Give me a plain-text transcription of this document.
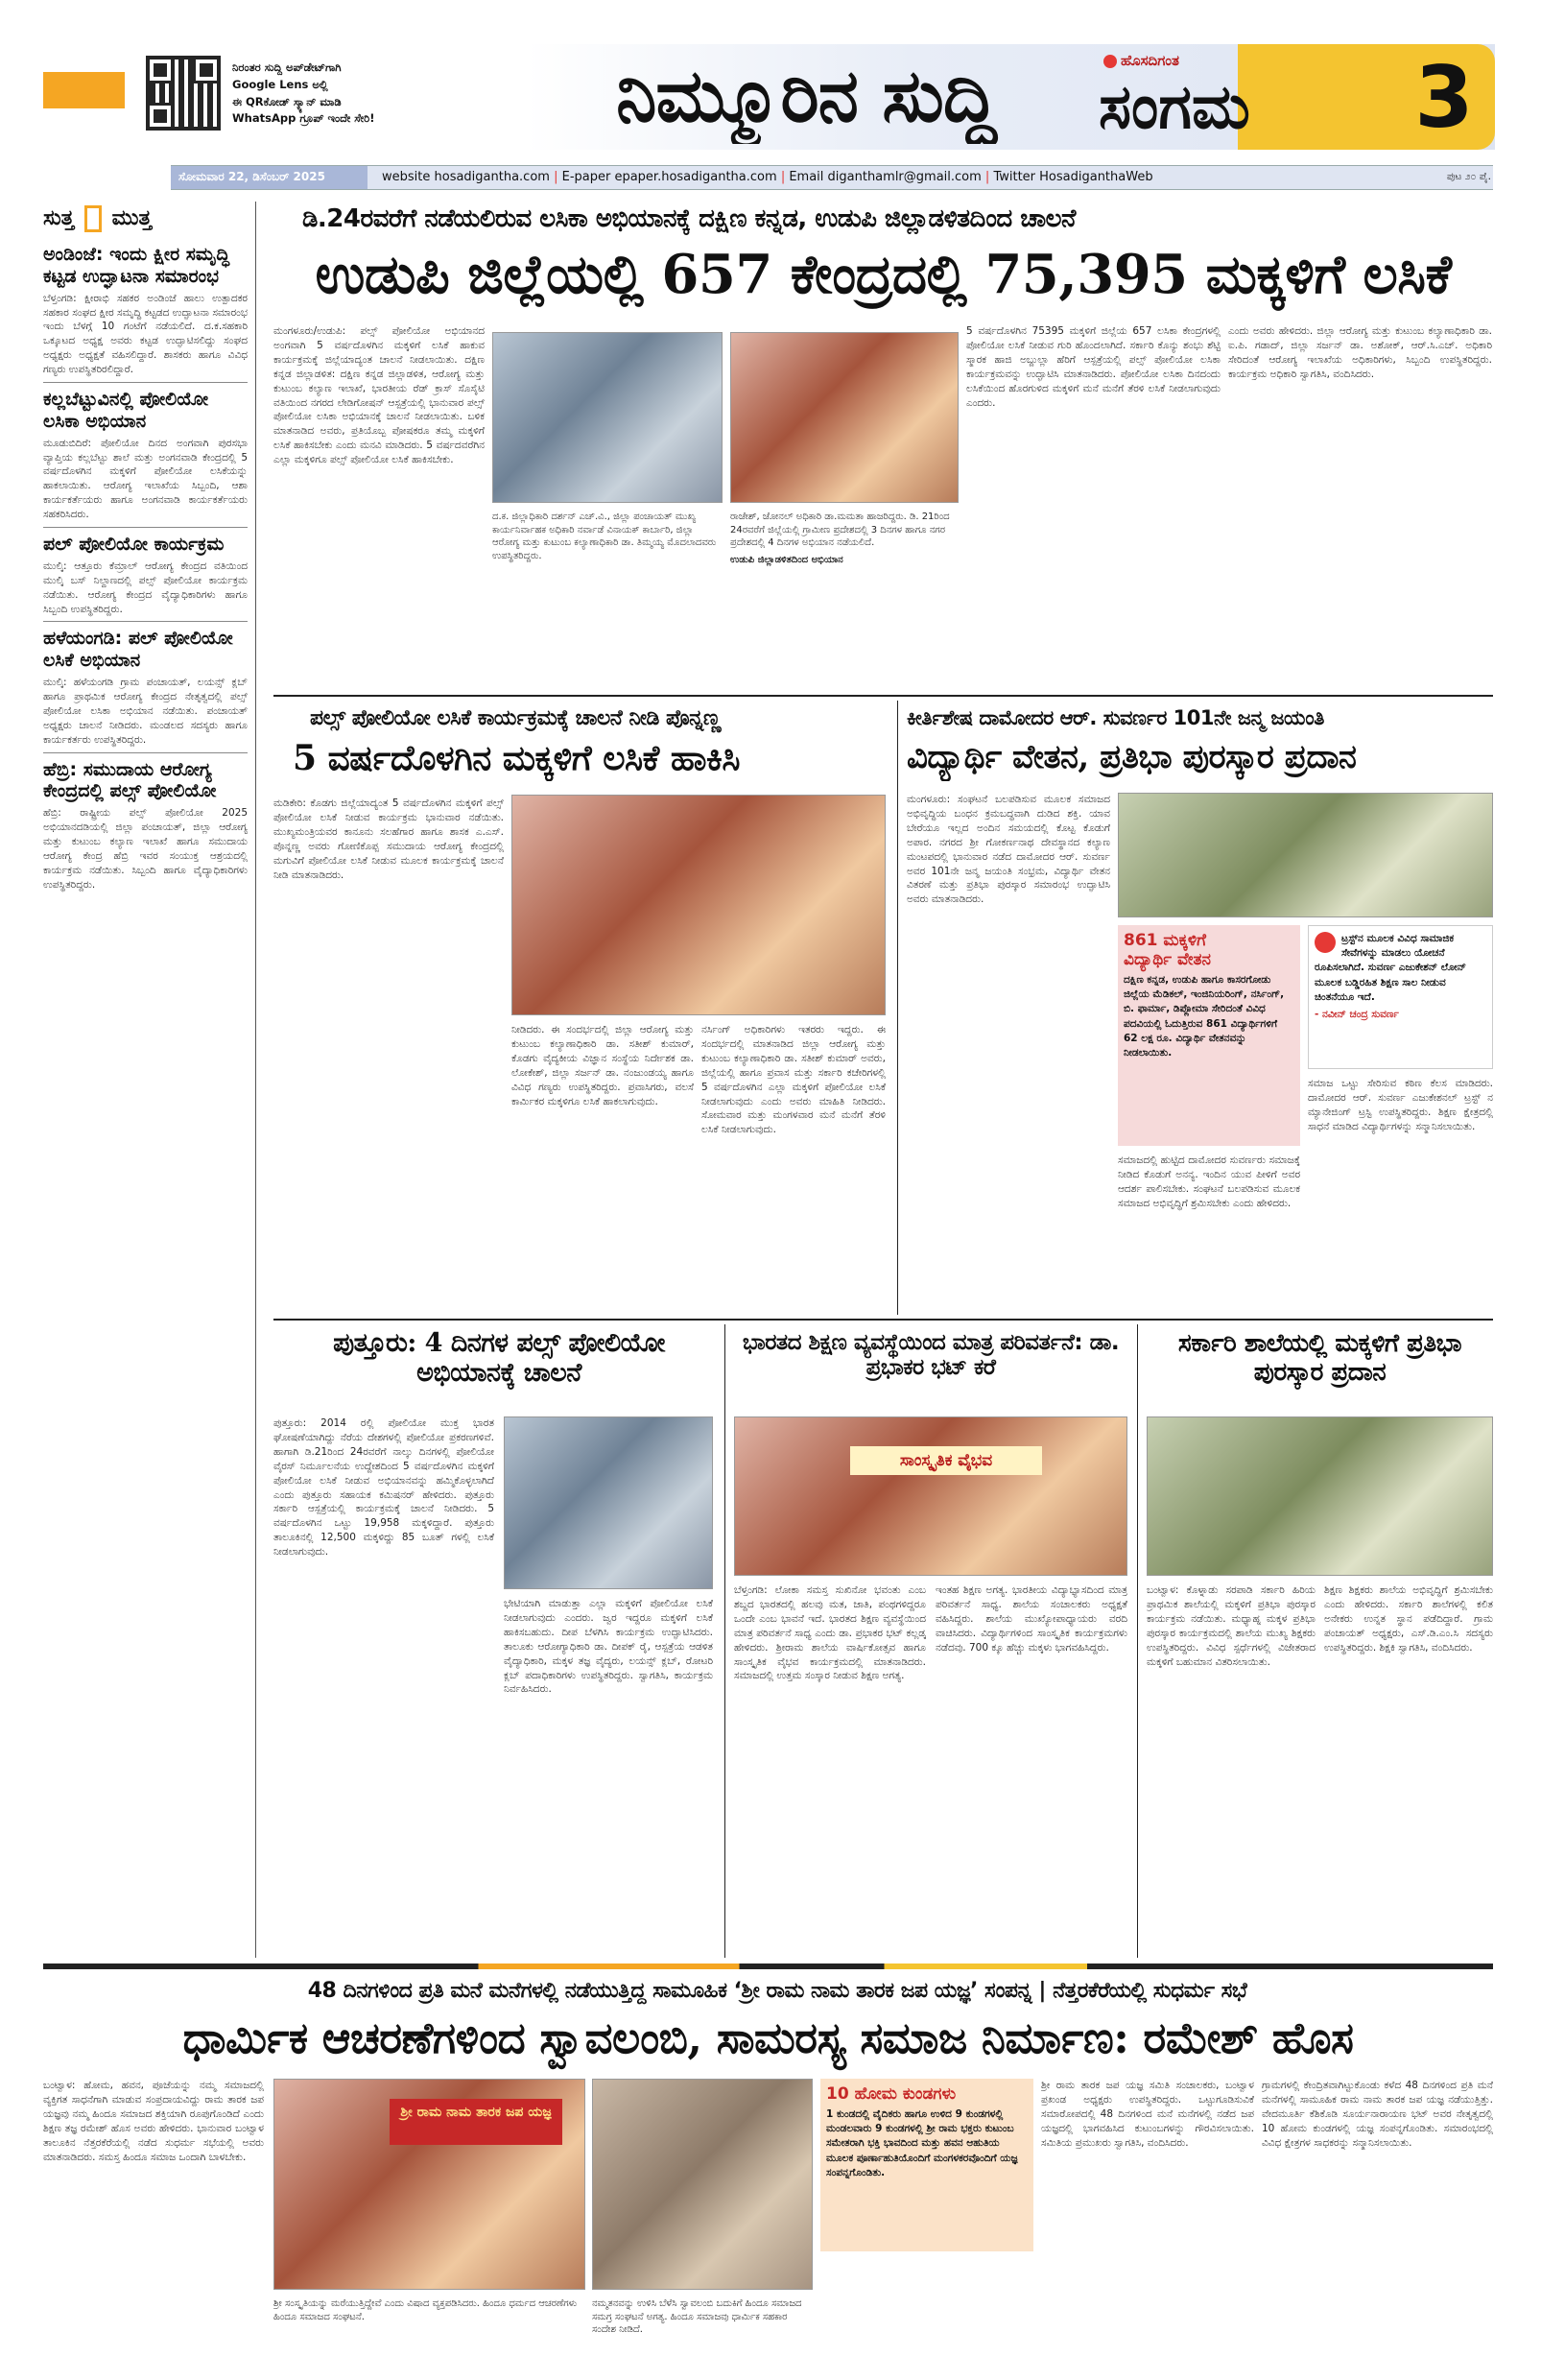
ನಿರಂತರ ಸುದ್ದಿ ಅಪ್‌ಡೇಟ್‌ಗಾಗಿ
Google Lens ಅಲ್ಲಿ
ಈ QRಕೋಡ್ ಸ್ಕ್ಯಾನ್ ಮಾಡಿ
WhatsApp ಗ್ರೂಪ್ ಇಂದೇ ಸೇರಿ!	ನಿಮ್ಮೂರಿನ ಸುದ್ದಿ	ಹೊಸದಿಗಂತ
ಸಂಗಮ	3
ಸೋಮವಾರ 22, ಡಿಸೆಂಬರ್ 2025	website hosadigantha.com | E-paper epaper.hosadigantha.com | Email diganthamlr@gmail.com | Twitter HosadiganthaWeb	ಪುಟ ೨೦ ಪೈ.
ಸುತ್ತ ಮುತ್ತ
ಅಂಡಿಂಜೆ: ಇಂದು ಕ್ಷೀರ ಸಮೃದ್ಧಿ ಕಟ್ಟಡ ಉದ್ಘಾಟನಾ ಸಮಾರಂಭ

ಬೆಳ್ತಂಗಡಿ: ಕ್ಷೀರಾಭಿ ಸಹಕರ ಅಂಡಿಂಜೆ ಹಾಲು ಉತ್ಪಾದಕರ ಸಹಕಾರ ಸಂಘದ ಕ್ಷೀರ ಸಮೃದ್ಧಿ ಕಟ್ಟಡದ ಉದ್ಘಾಟನಾ ಸಮಾರಂಭ ಇಂದು ಬೆಳಗ್ಗೆ 10 ಗಂಟೆಗೆ ನಡೆಯಲಿದೆ. ದ.ಕ.ಸಹಕಾರಿ ಒಕ್ಕೂಟದ ಅಧ್ಯಕ್ಷ ಅವರು ಕಟ್ಟಡ ಉದ್ಘಾಟಿಸಲಿದ್ದು ಸಂಘದ ಅಧ್ಯಕ್ಷರು ಅಧ್ಯಕ್ಷತೆ ವಹಿಸಲಿದ್ದಾರೆ. ಶಾಸಕರು ಹಾಗೂ ವಿವಿಧ ಗಣ್ಯರು ಉಪಸ್ಥಿತರಿರಲಿದ್ದಾರೆ.

ಕಲ್ಲಬೆಟ್ಟುವಿನಲ್ಲಿ ಪೋಲಿಯೋ ಲಸಿಕಾ ಅಭಿಯಾನ

ಮೂಡುಬಿದಿರೆ: ಪೋಲಿಯೋ ದಿನದ ಅಂಗವಾಗಿ ಪುರಸಭಾ ವ್ಯಾಪ್ತಿಯ ಕಲ್ಲಬೆಟ್ಟು ಶಾಲೆ ಮತ್ತು ಅಂಗನವಾಡಿ ಕೇಂದ್ರದಲ್ಲಿ 5 ವರ್ಷದೊಳಗಿನ ಮಕ್ಕಳಿಗೆ ಪೋಲಿಯೋ ಲಸಿಕೆಯನ್ನು ಹಾಕಲಾಯಿತು. ಆರೋಗ್ಯ ಇಲಾಖೆಯ ಸಿಬ್ಬಂದಿ, ಆಶಾ ಕಾರ್ಯಕರ್ತೆಯರು ಹಾಗೂ ಅಂಗನವಾಡಿ ಕಾರ್ಯಕರ್ತೆಯರು ಸಹಕರಿಸಿದರು.

ಪಲ್ ಪೋಲಿಯೋ ಕಾರ್ಯಕ್ರಮ

ಮುಲ್ಕಿ: ಆತ್ತೂರು ಕೆಮ್ರಾಲ್ ಆರೋಗ್ಯ ಕೇಂದ್ರದ ವತಿಯಿಂದ ಮುಲ್ಕಿ ಬಸ್ ನಿಲ್ದಾಣದಲ್ಲಿ ಪಲ್ಸ್ ಪೋಲಿಯೋ ಕಾರ್ಯಕ್ರಮ ನಡೆಯಿತು. ಆರೋಗ್ಯ ಕೇಂದ್ರದ ವೈದ್ಯಾಧಿಕಾರಿಗಳು ಹಾಗೂ ಸಿಬ್ಬಂದಿ ಉಪಸ್ಥಿತರಿದ್ದರು.

ಹಳೆಯಂಗಡಿ: ಪಲ್ ಪೋಲಿಯೋ ಲಸಿಕೆ ಅಭಿಯಾನ

ಮುಲ್ಕಿ: ಹಳೆಯಂಗಡಿ ಗ್ರಾಮ ಪಂಚಾಯತ್, ಲಯನ್ಸ್ ಕ್ಲಬ್ ಹಾಗೂ ಪ್ರಾಥಮಿಕ ಆರೋಗ್ಯ ಕೇಂದ್ರದ ನೇತೃತ್ವದಲ್ಲಿ ಪಲ್ಸ್ ಪೋಲಿಯೋ ಲಸಿಕಾ ಅಭಿಯಾನ ನಡೆಯಿತು. ಪಂಚಾಯತ್ ಅಧ್ಯಕ್ಷರು ಚಾಲನೆ ನೀಡಿದರು. ಮಂಡಲದ ಸದಸ್ಯರು ಹಾಗೂ ಕಾರ್ಯಕರ್ತರು ಉಪಸ್ಥಿತರಿದ್ದರು.

ಹೆಬ್ರಿ: ಸಮುದಾಯ ಆರೋಗ್ಯ ಕೇಂದ್ರದಲ್ಲಿ ಪಲ್ಸ್ ಪೋಲಿಯೋ

ಹೆಬ್ರಿ: ರಾಷ್ಟ್ರೀಯ ಪಲ್ಸ್ ಪೋಲಿಯೋ 2025 ಅಭಿಯಾನದಡಿಯಲ್ಲಿ ಜಿಲ್ಲಾ ಪಂಚಾಯತ್, ಜಿಲ್ಲಾ ಆರೋಗ್ಯ ಮತ್ತು ಕುಟುಂಬ ಕಲ್ಯಾಣ ಇಲಾಖೆ ಹಾಗೂ ಸಮುದಾಯ ಆರೋಗ್ಯ ಕೇಂದ್ರ ಹೆಬ್ರಿ ಇವರ ಸಂಯುಕ್ತ ಆಶ್ರಯದಲ್ಲಿ ಕಾರ್ಯಕ್ರಮ ನಡೆಯಿತು. ಸಿಬ್ಬಂದಿ ಹಾಗೂ ವೈದ್ಯಾಧಿಕಾರಿಗಳು ಉಪಸ್ಥಿತರಿದ್ದರು.

ಡಿ.24ರವರೆಗೆ ನಡೆಯಲಿರುವ ಲಸಿಕಾ ಅಭಿಯಾನಕ್ಕೆ ದಕ್ಷಿಣ ಕನ್ನಡ, ಉಡುಪಿ ಜಿಲ್ಲಾಡಳಿತದಿಂದ ಚಾಲನೆ
ಉಡುಪಿ ಜಿಲ್ಲೆಯಲ್ಲಿ 657 ಕೇಂದ್ರದಲ್ಲಿ 75,395 ಮಕ್ಕಳಿಗೆ ಲಸಿಕೆ

ಮಂಗಳೂರು/ಉಡುಪಿ: ಪಲ್ಸ್ ಪೋಲಿಯೋ ಅಭಿಯಾನದ ಅಂಗವಾಗಿ 5 ವರ್ಷದೊಳಗಿನ ಮಕ್ಕಳಿಗೆ ಲಸಿಕೆ ಹಾಕುವ ಕಾರ್ಯಕ್ರಮಕ್ಕೆ ಜಿಲ್ಲೆಯಾದ್ಯಂತ ಚಾಲನೆ ನೀಡಲಾಯಿತು. ದಕ್ಷಿಣ ಕನ್ನಡ ಜಿಲ್ಲಾಡಳಿತ: ದಕ್ಷಿಣ ಕನ್ನಡ ಜಿಲ್ಲಾಡಳಿತ, ಆರೋಗ್ಯ ಮತ್ತು ಕುಟುಂಬ ಕಲ್ಯಾಣ ಇಲಾಖೆ, ಭಾರತೀಯ ರೆಡ್ ಕ್ರಾಸ್ ಸೊಸೈಟಿ ವತಿಯಿಂದ ನಗರದ ಲೇಡಿಗೋಷನ್ ಆಸ್ಪತ್ರೆಯಲ್ಲಿ ಭಾನುವಾರ ಪಲ್ಸ್ ಪೋಲಿಯೋ ಲಸಿಕಾ ಅಭಿಯಾನಕ್ಕೆ ಚಾಲನೆ ನೀಡಲಾಯಿತು. ಬಳಿಕ ಮಾತನಾಡಿದ ಅವರು, ಪ್ರತಿಯೊಬ್ಬ ಪೋಷಕರೂ ತಮ್ಮ ಮಕ್ಕಳಿಗೆ ಲಸಿಕೆ ಹಾಕಿಸಬೇಕು ಎಂದು ಮನವಿ ಮಾಡಿದರು. 5 ವರ್ಷದವರೆಗಿನ ಎಲ್ಲಾ ಮಕ್ಕಳಿಗೂ ಪಲ್ಸ್ ಪೋಲಿಯೋ ಲಸಿಕೆ ಹಾಕಿಸಬೇಕು.

ದ.ಕ. ಜಿಲ್ಲಾಧಿಕಾರಿ ದರ್ಶನ್ ಎಚ್.ವಿ., ಜಿಲ್ಲಾ ಪಂಚಾಯತ್ ಮುಖ್ಯ ಕಾರ್ಯನಿರ್ವಾಹಕ ಅಧಿಕಾರಿ ನರ್ವಾಡೆ ವಿನಾಯಕ್ ಕಾರ್ಬಾರಿ, ಜಿಲ್ಲಾ ಆರೋಗ್ಯ ಮತ್ತು ಕುಟುಂಬ ಕಲ್ಯಾಣಾಧಿಕಾರಿ ಡಾ. ತಿಮ್ಮಯ್ಯ ಮೊದಲಾದವರು ಉಪಸ್ಥಿತರಿದ್ದರು.

ರಾಜೇಶ್, ಜೋನಲ್ ಅಧಿಕಾರಿ ಡಾ.ಮಮತಾ ಹಾಜರಿದ್ದರು. ಡಿ. 21ರಿಂದ 24ರವರೆಗೆ ಜಿಲ್ಲೆಯಲ್ಲಿ ಗ್ರಾಮೀಣ ಪ್ರದೇಶದಲ್ಲಿ 3 ದಿನಗಳ ಹಾಗೂ ನಗರ ಪ್ರದೇಶದಲ್ಲಿ 4 ದಿನಗಳ ಅಭಿಯಾನ ನಡೆಯಲಿದೆ.

ಉಡುಪಿ ಜಿಲ್ಲಾಡಳಿತದಿಂದ ಅಭಿಯಾನ

5 ವರ್ಷದೊಳಗಿನ 75395 ಮಕ್ಕಳಿಗೆ ಜಿಲ್ಲೆಯ 657 ಲಸಿಕಾ ಕೇಂದ್ರಗಳಲ್ಲಿ ಪೋಲಿಯೋ ಲಸಿಕೆ ನೀಡುವ ಗುರಿ ಹೊಂದಲಾಗಿದೆ. ಸರ್ಕಾರಿ ಕೊನ್ಯು ಶಂಭು ಶೆಟ್ಟಿ ಸ್ಮಾರಕ ಹಾಜಿ ಅಬ್ದುಲ್ಲಾ ಹೆರಿಗೆ ಆಸ್ಪತ್ರೆಯಲ್ಲಿ ಪಲ್ಸ್ ಪೋಲಿಯೋ ಲಸಿಕಾ ಕಾರ್ಯಕ್ರಮವನ್ನು ಉದ್ಘಾಟಿಸಿ ಮಾತನಾಡಿದರು. ಪೋಲಿಯೋ ಲಸಿಕಾ ದಿನದಂದು ಲಸಿಕೆಯಿಂದ ಹೊರಗುಳಿದ ಮಕ್ಕಳಿಗೆ ಮನೆ ಮನೆಗೆ ತೆರಳಿ ಲಸಿಕೆ ನೀಡಲಾಗುವುದು ಎಂದರು.

ಎಂದು ಅವರು ಹೇಳಿದರು. ಜಿಲ್ಲಾ ಆರೋಗ್ಯ ಮತ್ತು ಕುಟುಂಬ ಕಲ್ಯಾಣಾಧಿಕಾರಿ ಡಾ. ಐ.ಪಿ. ಗಡಾದ್, ಜಿಲ್ಲಾ ಸರ್ಜನ್ ಡಾ. ಅಶೋಕ್, ಆರ್.ಸಿ.ಎಚ್. ಅಧಿಕಾರಿ ಸೇರಿದಂತೆ ಆರೋಗ್ಯ ಇಲಾಖೆಯ ಅಧಿಕಾರಿಗಳು, ಸಿಬ್ಬಂದಿ ಉಪಸ್ಥಿತರಿದ್ದರು. ಕಾರ್ಯಕ್ರಮ ಅಧಿಕಾರಿ ಸ್ವಾಗತಿಸಿ, ವಂದಿಸಿದರು.

ಪಲ್ಸ್ ಪೋಲಿಯೋ ಲಸಿಕೆ ಕಾರ್ಯಕ್ರಮಕ್ಕೆ ಚಾಲನೆ ನೀಡಿ ಪೊನ್ನಣ್ಣ
5 ವರ್ಷದೊಳಗಿನ ಮಕ್ಕಳಿಗೆ ಲಸಿಕೆ ಹಾಕಿಸಿ

ಮಡಿಕೇರಿ: ಕೊಡಗು ಜಿಲ್ಲೆಯಾದ್ಯಂತ 5 ವರ್ಷದೊಳಗಿನ ಮಕ್ಕಳಿಗೆ ಪಲ್ಸ್ ಪೋಲಿಯೋ ಲಸಿಕೆ ನೀಡುವ ಕಾರ್ಯಕ್ರಮ ಭಾನುವಾರ ನಡೆಯಿತು. ಮುಖ್ಯಮಂತ್ರಿಯವರ ಕಾನೂನು ಸಲಹೆಗಾರ ಹಾಗೂ ಶಾಸಕ ಎ.ಎಸ್. ಪೊನ್ನಣ್ಣ ಅವರು ಗೋಣಿಕೊಪ್ಪ ಸಮುದಾಯ ಆರೋಗ್ಯ ಕೇಂದ್ರದಲ್ಲಿ ಮಗುವಿಗೆ ಪೋಲಿಯೋ ಲಸಿಕೆ ನೀಡುವ ಮೂಲಕ ಕಾರ್ಯಕ್ರಮಕ್ಕೆ ಚಾಲನೆ ನೀಡಿ ಮಾತನಾಡಿದರು.

ನೀಡಿದರು. ಈ ಸಂದರ್ಭದಲ್ಲಿ ಜಿಲ್ಲಾ ಆರೋಗ್ಯ ಮತ್ತು ಕುಟುಂಬ ಕಲ್ಯಾಣಾಧಿಕಾರಿ ಡಾ. ಸತೀಶ್ ಕುಮಾರ್, ಕೊಡಗು ವೈದ್ಯಕೀಯ ವಿಜ್ಞಾನ ಸಂಸ್ಥೆಯ ನಿರ್ದೇಶಕ ಡಾ. ಲೋಕೇಶ್, ಜಿಲ್ಲಾ ಸರ್ಜನ್ ಡಾ. ನಂಜುಂಡಯ್ಯ ಹಾಗೂ ವಿವಿಧ ಗಣ್ಯರು ಉಪಸ್ಥಿತರಿದ್ದರು. ಪ್ರವಾಸಿಗರು, ವಲಸೆ ಕಾರ್ಮಿಕರ ಮಕ್ಕಳಿಗೂ ಲಸಿಕೆ ಹಾಕಲಾಗುವುದು.

ನರ್ಸಿಂಗ್ ಅಧಿಕಾರಿಗಳು ಇತರರು ಇದ್ದರು. ಈ ಸಂದರ್ಭದಲ್ಲಿ ಮಾತನಾಡಿದ ಜಿಲ್ಲಾ ಆರೋಗ್ಯ ಮತ್ತು ಕುಟುಂಬ ಕಲ್ಯಾಣಾಧಿಕಾರಿ ಡಾ. ಸತೀಶ್ ಕುಮಾರ್ ಅವರು, ಜಿಲ್ಲೆಯಲ್ಲಿ ಹಾಗೂ ಪ್ರವಾಸ ಮತ್ತು ಸರ್ಕಾರಿ ಕಚೇರಿಗಳಲ್ಲಿ 5 ವರ್ಷದೊಳಗಿನ ಎಲ್ಲಾ ಮಕ್ಕಳಿಗೆ ಪೋಲಿಯೋ ಲಸಿಕೆ ನೀಡಲಾಗುವುದು ಎಂದು ಅವರು ಮಾಹಿತಿ ನೀಡಿದರು. ಸೋಮವಾರ ಮತ್ತು ಮಂಗಳವಾರ ಮನೆ ಮನೆಗೆ ತೆರಳಿ ಲಸಿಕೆ ನೀಡಲಾಗುವುದು.

ಕೀರ್ತಿಶೇಷ ದಾಮೋದರ ಆರ್. ಸುವರ್ಣರ 101ನೇ ಜನ್ಮ ಜಯಂತಿ
ವಿದ್ಯಾರ್ಥಿ ವೇತನ, ಪ್ರತಿಭಾ ಪುರಸ್ಕಾರ ಪ್ರದಾನ

ಮಂಗಳೂರು: ಸಂಘಟನೆ ಬಲಪಡಿಸುವ ಮೂಲಕ ಸಮಾಜದ ಅಭಿವೃದ್ಧಿಯ ಬಂಧನ ಕ್ರಮಬದ್ಧವಾಗಿ ದುಡಿದ ಶಕ್ತಿ. ಯಾವ ಬೇರೆಯೂ ಇಲ್ಲದ ಅಂದಿನ ಸಮಯದಲ್ಲಿ ಕೊಟ್ಟ ಕೊಡುಗೆ ಅಪಾರ. ನಗರದ ಶ್ರೀ ಗೋಕರ್ಣನಾಥ ದೇವಸ್ಥಾನದ ಕಲ್ಯಾಣ ಮಂಟಪದಲ್ಲಿ ಭಾನುವಾರ ನಡೆದ ದಾಮೋದರ ಆರ್. ಸುವರ್ಣ ಅವರ 101ನೇ ಜನ್ಮ ಜಯಂತಿ ಸಂಭ್ರಮ, ವಿದ್ಯಾರ್ಥಿ ವೇತನ ವಿತರಣೆ ಮತ್ತು ಪ್ರತಿಭಾ ಪುರಸ್ಕಾರ ಸಮಾರಂಭ ಉದ್ಘಾಟಿಸಿ ಅವರು ಮಾತನಾಡಿದರು.

861 ಮಕ್ಕಳಿಗೆ
ವಿದ್ಯಾರ್ಥಿ ವೇತನ
ದಕ್ಷಿಣ ಕನ್ನಡ, ಉಡುಪಿ ಹಾಗೂ ಕಾಸರಗೋಡು ಜಿಲ್ಲೆಯ ಮೆಡಿಕಲ್, ಇಂಜಿನಿಯರಿಂಗ್, ನರ್ಸಿಂಗ್, ಬಿ. ಫಾರ್ಮಾ, ಡಿಪ್ಲೋಮಾ ಸೇರಿದಂತೆ ವಿವಿಧ ಪದವಿಯಲ್ಲಿ ಓದುತ್ತಿರುವ 861 ವಿದ್ಯಾರ್ಥಿಗಳಿಗೆ 62 ಲಕ್ಷ ರೂ. ವಿದ್ಯಾರ್ಥಿ ವೇತನವನ್ನು ನೀಡಲಾಯಿತು.
ಟ್ರಸ್ಟ್‌ನ ಮೂಲಕ ವಿವಿಧ ಸಾಮಾಜಿಕ ಸೇವೆಗಳನ್ನು ಮಾಡಲು ಯೋಚನೆ ರೂಪಿಸಲಾಗಿದೆ. ಸುವರ್ಣ ಎಜುಕೇಶನ್ ಲೋನ್ ಮೂಲಕ ಬಡ್ಡಿರಹಿತ ಶಿಕ್ಷಣ ಸಾಲ ನೀಡುವ ಚಿಂತನೆಯೂ ಇದೆ.
- ನವೀನ್ ಚಂದ್ರ ಸುವರ್ಣ

ಸಮಾಜದಲ್ಲಿ ಹುಟ್ಟಿದ ದಾಮೋದರ ಸುವರ್ಣರು ಸಮಾಜಕ್ಕೆ ನೀಡಿದ ಕೊಡುಗೆ ಅನನ್ಯ. ಇಂದಿನ ಯುವ ಪೀಳಿಗೆ ಅವರ ಆದರ್ಶ ಪಾಲಿಸಬೇಕು. ಸಂಘಟನೆ ಬಲಪಡಿಸುವ ಮೂಲಕ ಸಮಾಜದ ಅಭಿವೃದ್ಧಿಗೆ ಶ್ರಮಿಸಬೇಕು ಎಂದು ಹೇಳಿದರು.

ಸಮಾಜ ಒಟ್ಟು ಸೇರಿಸುವ ಕಠಿಣ ಕೆಲಸ ಮಾಡಿದರು. ದಾಮೋದರ ಆರ್. ಸುವರ್ಣ ಎಜುಕೇಶನಲ್ ಟ್ರಸ್ಟ್ ನ ಮ್ಯಾನೇಜಿಂಗ್ ಟ್ರಸ್ಟಿ ಉಪಸ್ಥಿತರಿದ್ದರು. ಶಿಕ್ಷಣ ಕ್ಷೇತ್ರದಲ್ಲಿ ಸಾಧನೆ ಮಾಡಿದ ವಿದ್ಯಾರ್ಥಿಗಳನ್ನು ಸನ್ಮಾನಿಸಲಾಯಿತು.

ಪುತ್ತೂರು: 4 ದಿನಗಳ ಪಲ್ಸ್ ಪೋಲಿಯೋ ಅಭಿಯಾನಕ್ಕೆ ಚಾಲನೆ

ಪುತ್ತೂರು: 2014 ರಲ್ಲಿ ಪೋಲಿಯೋ ಮುಕ್ತ ಭಾರತ ಘೋಷಣೆಯಾಗಿದ್ದು ನೆರೆಯ ದೇಶಗಳಲ್ಲಿ ಪೋಲಿಯೋ ಪ್ರಕರಣಗಳಿವೆ. ಹಾಗಾಗಿ ಡಿ.21ರಿಂದ 24ರವರೆಗೆ ನಾಲ್ಕು ದಿನಗಳಲ್ಲಿ ಪೋಲಿಯೋ ವೈರಸ್ ನಿರ್ಮೂಲನೆಯ ಉದ್ದೇಶದಿಂದ 5 ವರ್ಷದೊಳಗಿನ ಮಕ್ಕಳಿಗೆ ಪೋಲಿಯೋ ಲಸಿಕೆ ನೀಡುವ ಅಭಿಯಾನವನ್ನು ಹಮ್ಮಿಕೊಳ್ಳಲಾಗಿದೆ ಎಂದು ಪುತ್ತೂರು ಸಹಾಯಕ ಕಮಿಷನರ್ ಹೇಳಿದರು. ಪುತ್ತೂರು ಸರ್ಕಾರಿ ಆಸ್ಪತ್ರೆಯಲ್ಲಿ ಕಾರ್ಯಕ್ರಮಕ್ಕೆ ಚಾಲನೆ ನೀಡಿದರು. 5 ವರ್ಷದೊಳಗಿನ ಒಟ್ಟು 19,958 ಮಕ್ಕಳಿದ್ದಾರೆ. ಪುತ್ತೂರು ತಾಲೂಕಿನಲ್ಲಿ 12,500 ಮಕ್ಕಳಿದ್ದು 85 ಬೂತ್ ಗಳಲ್ಲಿ ಲಸಿಕೆ ನೀಡಲಾಗುವುದು.

ಭೇಟಿಯಾಗಿ ಮಾಡುತ್ತಾ ಎಲ್ಲಾ ಮಕ್ಕಳಿಗೆ ಪೋಲಿಯೋ ಲಸಿಕೆ ನೀಡಲಾಗುವುದು ಎಂದರು. ಜ್ವರ ಇದ್ದರೂ ಮಕ್ಕಳಿಗೆ ಲಸಿಕೆ ಹಾಕಿಸಬಹುದು. ದೀಪ ಬೆಳಗಿಸಿ ಕಾರ್ಯಕ್ರಮ ಉದ್ಘಾಟಿಸಿದರು. ತಾಲೂಕು ಆರೋಗ್ಯಾಧಿಕಾರಿ ಡಾ. ದೀಪಕ್ ರೈ, ಆಸ್ಪತ್ರೆಯ ಆಡಳಿತ ವೈದ್ಯಾಧಿಕಾರಿ, ಮಕ್ಕಳ ತಜ್ಞ ವೈದ್ಯರು, ಲಯನ್ಸ್ ಕ್ಲಬ್, ರೋಟರಿ ಕ್ಲಬ್ ಪದಾಧಿಕಾರಿಗಳು ಉಪಸ್ಥಿತರಿದ್ದರು. ಸ್ವಾಗತಿಸಿ, ಕಾರ್ಯಕ್ರಮ ನಿರ್ವಹಿಸಿದರು.

ಭಾರತದ ಶಿಕ್ಷಣ ವ್ಯವಸ್ಥೆಯಿಂದ ಮಾತ್ರ ಪರಿವರ್ತನೆ: ಡಾ. ಪ್ರಭಾಕರ ಭಟ್ ಕರೆ
ಸಾಂಸ್ಕೃತಿಕ ವೈಭವ

ಬೆಳ್ತಂಗಡಿ: ಲೋಕಾ ಸಮಸ್ತ ಸುಖಿನೋ ಭವಂತು ಎಂಬ ಶಬ್ದದ ಭಾರತದಲ್ಲಿ ಹಲವು ಮತ, ಜಾತಿ, ಪಂಥಗಳಿದ್ದರೂ ಒಂದೇ ಎಂಬ ಭಾವನೆ ಇದೆ. ಭಾರತದ ಶಿಕ್ಷಣ ವ್ಯವಸ್ಥೆಯಿಂದ ಮಾತ್ರ ಪರಿವರ್ತನೆ ಸಾಧ್ಯ ಎಂದು ಡಾ. ಪ್ರಭಾಕರ ಭಟ್ ಕಲ್ಲಡ್ಕ ಹೇಳಿದರು. ಶ್ರೀರಾಮ ಶಾಲೆಯ ವಾರ್ಷಿಕೋತ್ಸವ ಹಾಗೂ ಸಾಂಸ್ಕೃತಿಕ ವೈಭವ ಕಾರ್ಯಕ್ರಮದಲ್ಲಿ ಮಾತನಾಡಿದರು. ಸಮಾಜದಲ್ಲಿ ಉತ್ತಮ ಸಂಸ್ಕಾರ ನೀಡುವ ಶಿಕ್ಷಣ ಅಗತ್ಯ.

ಇಂತಹ ಶಿಕ್ಷಣ ಅಗತ್ಯ. ಭಾರತೀಯ ವಿದ್ಯಾಭ್ಯಾಸದಿಂದ ಮಾತ್ರ ಪರಿವರ್ತನೆ ಸಾಧ್ಯ. ಶಾಲೆಯ ಸಂಚಾಲಕರು ಅಧ್ಯಕ್ಷತೆ ವಹಿಸಿದ್ದರು. ಶಾಲೆಯ ಮುಖ್ಯೋಪಾಧ್ಯಾಯರು ವರದಿ ವಾಚಿಸಿದರು. ವಿದ್ಯಾರ್ಥಿಗಳಿಂದ ಸಾಂಸ್ಕೃತಿಕ ಕಾರ್ಯಕ್ರಮಗಳು ನಡೆದವು. 700 ಕ್ಕೂ ಹೆಚ್ಚು ಮಕ್ಕಳು ಭಾಗವಹಿಸಿದ್ದರು.

ಸರ್ಕಾರಿ ಶಾಲೆಯಲ್ಲಿ ಮಕ್ಕಳಿಗೆ ಪ್ರತಿಭಾ ಪುರಸ್ಕಾರ ಪ್ರದಾನ

ಬಂಟ್ವಾಳ: ಕೊಳ್ನಾಡು ಸರಪಾಡಿ ಸರ್ಕಾರಿ ಹಿರಿಯ ಪ್ರಾಥಮಿಕ ಶಾಲೆಯಲ್ಲಿ ಮಕ್ಕಳಿಗೆ ಪ್ರತಿಭಾ ಪುರಸ್ಕಾರ ಕಾರ್ಯಕ್ರಮ ನಡೆಯಿತು. ಮಧ್ಯಾಹ್ನ ಮಕ್ಕಳ ಪ್ರತಿಭಾ ಪುರಸ್ಕಾರ ಕಾರ್ಯಕ್ರಮದಲ್ಲಿ ಶಾಲೆಯ ಮುಖ್ಯ ಶಿಕ್ಷಕರು ಉಪಸ್ಥಿತರಿದ್ದರು. ವಿವಿಧ ಸ್ಪರ್ಧೆಗಳಲ್ಲಿ ವಿಜೇತರಾದ ಮಕ್ಕಳಿಗೆ ಬಹುಮಾನ ವಿತರಿಸಲಾಯಿತು.

ಶಿಕ್ಷಣ ಶಿಕ್ಷಕರು ಶಾಲೆಯ ಅಭಿವೃದ್ಧಿಗೆ ಶ್ರಮಿಸಬೇಕು ಎಂದು ಹೇಳಿದರು. ಸರ್ಕಾರಿ ಶಾಲೆಗಳಲ್ಲಿ ಕಲಿತ ಅನೇಕರು ಉನ್ನತ ಸ್ಥಾನ ಪಡೆದಿದ್ದಾರೆ. ಗ್ರಾಮ ಪಂಚಾಯತ್ ಅಧ್ಯಕ್ಷರು, ಎಸ್.ಡಿ.ಎಂ.ಸಿ ಸದಸ್ಯರು ಉಪಸ್ಥಿತರಿದ್ದರು. ಶಿಕ್ಷಕಿ ಸ್ವಾಗತಿಸಿ, ವಂದಿಸಿದರು.

48 ದಿನಗಳಿಂದ ಪ್ರತಿ ಮನೆ ಮನೆಗಳಲ್ಲಿ ನಡೆಯುತ್ತಿದ್ದ ಸಾಮೂಹಿಕ ‘ಶ್ರೀ ರಾಮ ನಾಮ ತಾರಕ ಜಪ ಯಜ್ಞ’ ಸಂಪನ್ನ | ನೆತ್ತರಕೆರೆಯಲ್ಲಿ ಸುಧರ್ಮ ಸಭೆ
ಧಾರ್ಮಿಕ ಆಚರಣೆಗಳಿಂದ ಸ್ವಾವಲಂಬಿ, ಸಾಮರಸ್ಯ ಸಮಾಜ ನಿರ್ಮಾಣ: ರಮೇಶ್ ಹೊಸ

ಬಂಟ್ವಾಳ: ಹೋಮ, ಹವನ, ಪೂಜೆಯನ್ನು ನಮ್ಮ ಸಮಾಜದಲ್ಲಿ ವ್ಯಕ್ತಿಗತ ಸಾಧನೆಗಾಗಿ ಮಾಡುವ ಸಂಪ್ರದಾಯವಿದ್ದು ರಾಮ ತಾರಕ ಜಪ ಯಜ್ಞವು ನಮ್ಮ ಹಿಂದೂ ಸಮಾಜದ ಶಕ್ತಿಯಾಗಿ ರೂಪುಗೊಂಡಿದೆ ಎಂದು ಶಿಕ್ಷಣ ತಜ್ಞ ರಮೇಶ್ ಹೊಸ ಅವರು ಹೇಳಿದರು. ಭಾನುವಾರ ಬಂಟ್ವಾಳ ತಾಲೂಕಿನ ನೆತ್ತರಕೆರೆಯಲ್ಲಿ ನಡೆದ ಸುಧರ್ಮ ಸಭೆಯಲ್ಲಿ ಅವರು ಮಾತನಾಡಿದರು. ಸಮಸ್ತ ಹಿಂದೂ ಸಮಾಜ ಒಂದಾಗಿ ಬಾಳಬೇಕು.

ಶ್ರೀ ರಾಮ ನಾಮ ತಾರಕ ಜಪ ಯಜ್ಞ
ಶ್ರೀ ಸಂಸ್ಕೃತಿಯನ್ನು ಮರೆಯುತ್ತಿದ್ದೇವೆ ಎಂದು ವಿಷಾದ ವ್ಯಕ್ತಪಡಿಸಿದರು. ಹಿಂದೂ ಧರ್ಮದ ಆಚರಣೆಗಳು ಹಿಂದೂ ಸಮಾಜದ ಸಂಘಟನೆ.
ನಮ್ಮತನವನ್ನು ಉಳಿಸಿ ಬೆಳೆಸಿ ಸ್ವಾವಲಂಬಿ ಬದುಕಿಗೆ ಹಿಂದೂ ಸಮಾಜದ ಸಮಗ್ರ ಸಂಘಟನೆ ಅಗತ್ಯ. ಹಿಂದೂ ಸಮಾಜವು ಧಾರ್ಮಿಕ ಸಹಕಾರ ಸಂದೇಶ ನೀಡಿದೆ.
10 ಹೋಮ ಕುಂಡಗಳು
1 ಕುಂಡದಲ್ಲಿ ವೈದಿಕರು ಹಾಗೂ ಉಳಿದ 9 ಕುಂಡಗಳಲ್ಲಿ ಮಂಡಲವಾರು 9 ಕುಂಡಗಳಲ್ಲಿ ಶ್ರೀ ರಾಮ ಭಕ್ತರು ಕುಟುಂಬ ಸಮೇತರಾಗಿ ಭಕ್ತಿ ಭಾವದಿಂದ ಮತ್ತು ಹವನ ಆಹುತಿಯ ಮೂಲಕ ಪೂರ್ಣಾಹುತಿಯೊಂದಿಗೆ ಮಂಗಳಕರವೊಂದಿಗೆ ಯಜ್ಞ ಸಂಪನ್ನಗೊಂಡಿತು.

ಶ್ರೀ ರಾಮ ತಾರಕ ಜಪ ಯಜ್ಞ ಸಮಿತಿ ಸಂಚಾಲಕರು, ಬಂಟ್ವಾಳ ಪ್ರಖಂಡ ಅಧ್ಯಕ್ಷರು ಉಪಸ್ಥಿತರಿದ್ದರು. ಒಟ್ಟುಗೂಡಿಸುವಿಕೆ ಸಮಾರೋಪದಲ್ಲಿ 48 ದಿನಗಳಿಂದ ಮನೆ ಮನೆಗಳಲ್ಲಿ ನಡೆದ ಜಪ ಯಜ್ಞದಲ್ಲಿ ಭಾಗವಹಿಸಿದ ಕುಟುಂಬಗಳನ್ನು ಗೌರವಿಸಲಾಯಿತು. ಸಮಿತಿಯ ಪ್ರಮುಖರು ಸ್ವಾಗತಿಸಿ, ವಂದಿಸಿದರು.

ಗ್ರಾಮಗಳಲ್ಲಿ ಕೇಂದ್ರಿತವಾಗಿಟ್ಟುಕೊಂಡು ಕಳೆದ 48 ದಿನಗಳಿಂದ ಪ್ರತಿ ಮನೆ ಮನೆಗಳಲ್ಲಿ ಸಾಮೂಹಿಕ ರಾಮ ನಾಮ ತಾರಕ ಜಪ ಯಜ್ಞ ನಡೆಯುತ್ತಿತ್ತು. ವೇದಮೂರ್ತಿ ಕೆಶಿಕೊಡಿ ಸೂರ್ಯನಾರಾಯಣ ಭಟ್ ಅವರ ನೇತೃತ್ವದಲ್ಲಿ 10 ಹೋಮ ಕುಂಡಗಳಲ್ಲಿ ಯಜ್ಞ ಸಂಪನ್ನಗೊಂಡಿತು. ಸಮಾರಂಭದಲ್ಲಿ ವಿವಿಧ ಕ್ಷೇತ್ರಗಳ ಸಾಧಕರನ್ನು ಸನ್ಮಾನಿಸಲಾಯಿತು.
